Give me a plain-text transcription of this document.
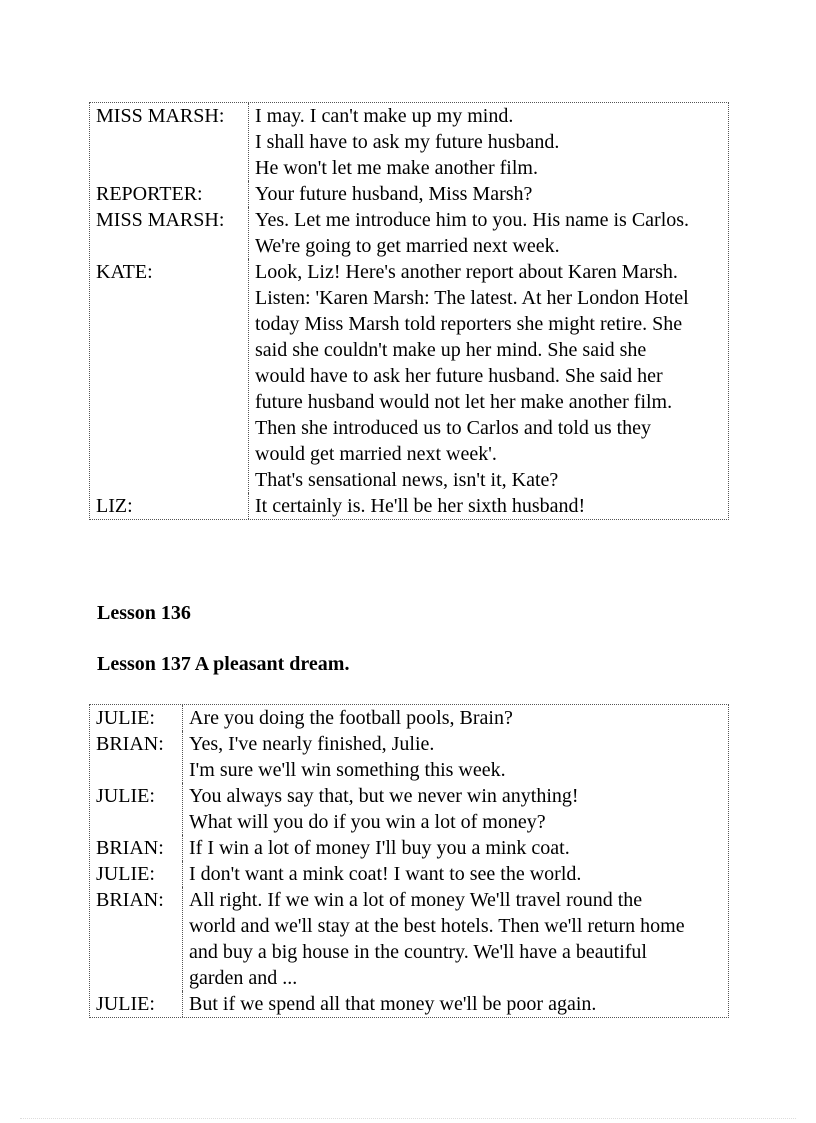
MISS MARSH:	I may. I can't make up my mind.
I shall have to ask my future husband.
He won't let me make another film.
REPORTER:	Your future husband, Miss Marsh?
MISS MARSH:	Yes. Let me introduce him to you. His name is Carlos.
We're going to get married next week.
KATE:	Look, Liz! Here's another report about Karen Marsh.
Listen: 'Karen Marsh: The latest. At her London Hotel
today Miss Marsh told reporters she might retire. She
said she couldn't make up her mind. She said she
would have to ask her future husband. She said her
future husband would not let her make another film.
Then she introduced us to Carlos and told us they
would get married next week'.
That's sensational news, isn't it, Kate?
LIZ:	It certainly is. He'll be her sixth husband!
Lesson 136
Lesson 137 A pleasant dream.
JULIE:	Are you doing the football pools, Brain?
BRIAN:	Yes, I've nearly finished, Julie.
I'm sure we'll win something this week.
JULIE:	You always say that, but we never win anything!
What will you do if you win a lot of money?
BRIAN:	If I win a lot of money I'll buy you a mink coat.
JULIE:	I don't want a mink coat! I want to see the world.
BRIAN:	All right. If we win a lot of money We'll travel round the
world and we'll stay at the best hotels. Then we'll return home
and buy a big house in the country. We'll have a beautiful
garden and ...
JULIE:	But if we spend all that money we'll be poor again.
